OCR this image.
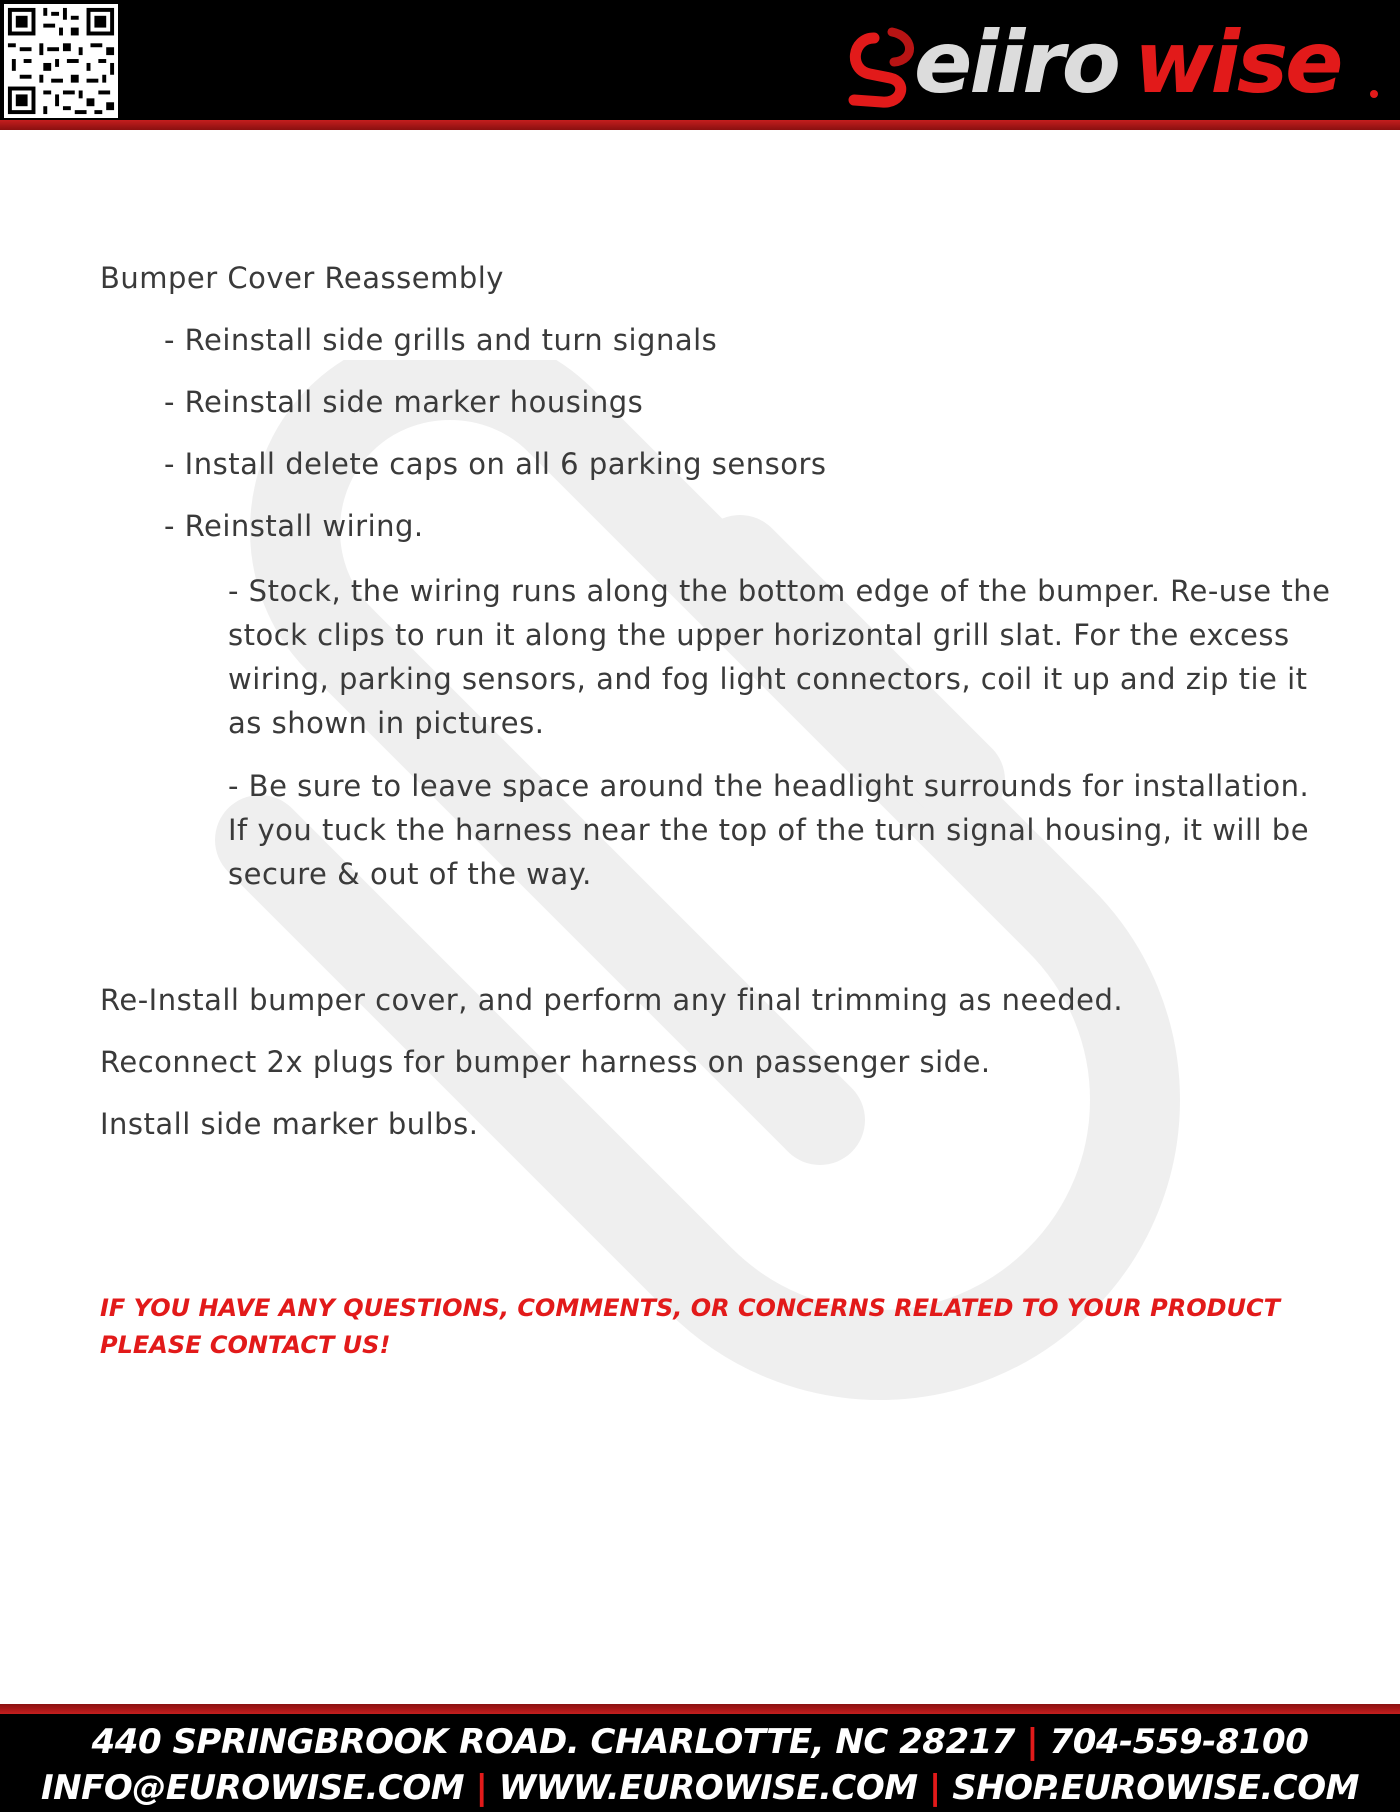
eiiro wise
Bumper Cover Reassembly
- Reinstall side grills and turn signals
- Reinstall side marker housings
- Install delete caps on all 6 parking sensors
- Reinstall wiring.
- Stock, the wiring runs along the bottom edge of the bumper. Re-use the
stock clips to run it along the upper horizontal grill slat. For the excess
wiring, parking sensors, and fog light connectors, coil it up and zip tie it
as shown in pictures.
- Be sure to leave space around the headlight surrounds for installation.
If you tuck the harness near the top of the turn signal housing, it will be
secure & out of the way.
Re-Install bumper cover, and perform any final trimming as needed.
Reconnect 2x plugs for bumper harness on passenger side.
Install side marker bulbs.
IF YOU HAVE ANY QUESTIONS, COMMENTS, OR CONCERNS RELATED TO YOUR PRODUCT
PLEASE CONTACT US!
440 SPRINGBROOK ROAD. CHARLOTTE, NC 28217 | 704-559-8100
INFO@EUROWISE.COM | WWW.EUROWISE.COM | SHOP.EUROWISE.COM
